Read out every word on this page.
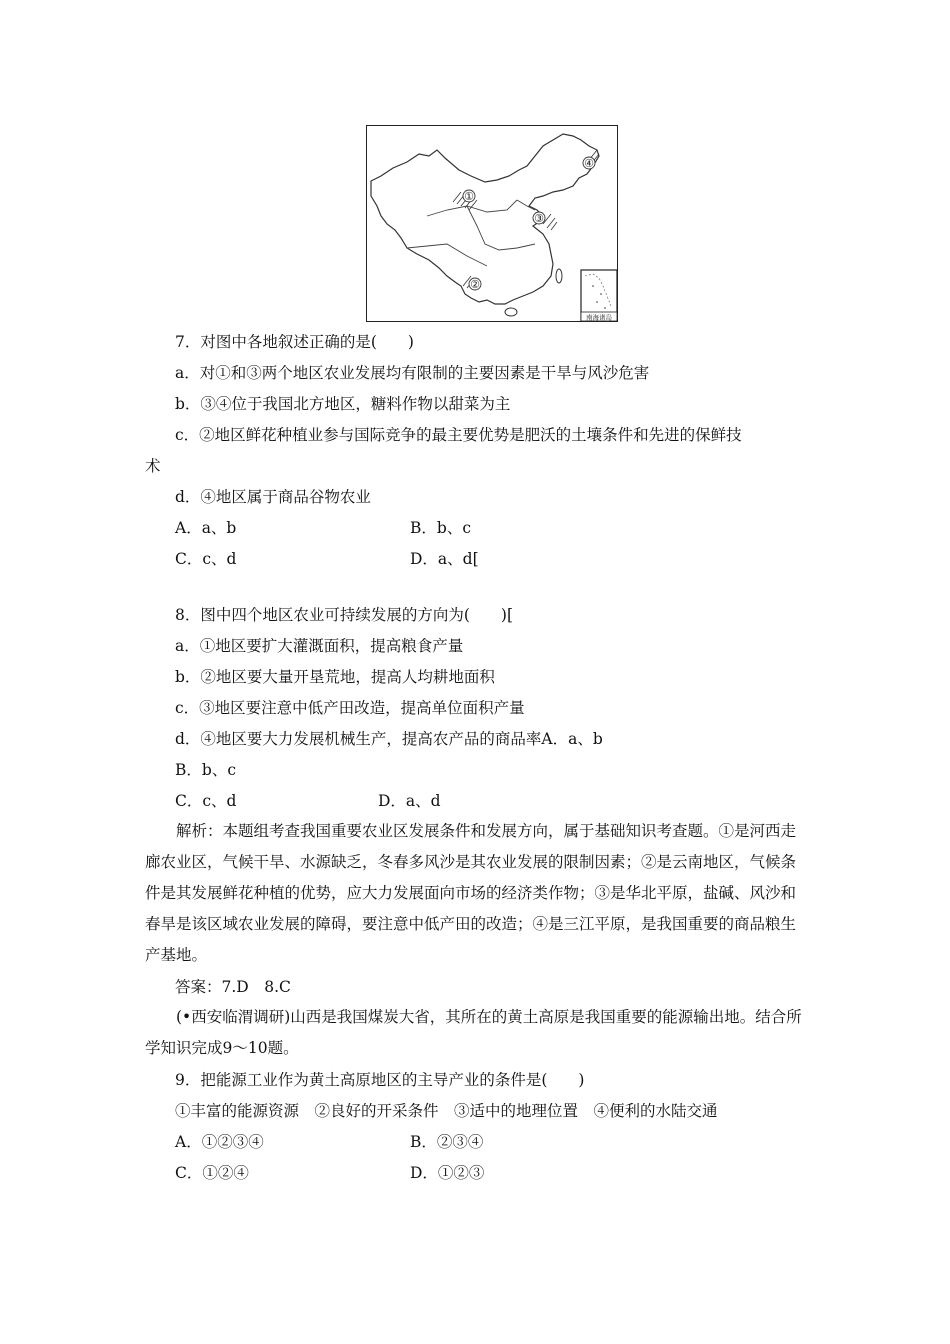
①
③
④
②
南海诸岛
7．对图中各地叙述正确的是(　　)
a．对①和③两个地区农业发展均有限制的主要因素是干旱与风沙危害
b．③④位于我国北方地区，糖料作物以甜菜为主
c．②地区鲜花种植业参与国际竞争的最主要优势是肥沃的土壤条件和先进的保鲜技
术
d．④地区属于商品谷物农业
A．a、b	B．b、c
C．c、d	D．a、d[
8．图中四个地区农业可持续发展的方向为(　　)[
a．①地区要扩大灌溉面积，提高粮食产量
b．②地区要大量开垦荒地，提高人均耕地面积
c．③地区要注意中低产田改造，提高单位面积产量
d．④地区要大力发展机械生产，提高农产品的商品率A．a、b
B．b、c
C．c、d	D．a、d
解析：本题组考查我国重要农业区发展条件和发展方向，属于基础知识考查题。①是河西走廊农业区，气候干旱、水源缺乏，冬春多风沙是其农业发展的限制因素；②是云南地区，气候条件是其发展鲜花种植的优势，应大力发展面向市场的经济类作物；③是华北平原，盐碱、风沙和春旱是该区域农业发展的障碍，要注意中低产田的改造；④是三江平原，是我国重要的商品粮生产基地。
答案：7.D　8.C
(•西安临渭调研)山西是我国煤炭大省，其所在的黄土高原是我国重要的能源输出地。结合所学知识完成9～10题。
9．把能源工业作为黄土高原地区的主导产业的条件是(　　)
①丰富的能源资源　②良好的开采条件　③适中的地理位置　④便利的水陆交通
A．①②③④	B．②③④
C．①②④	D．①②③
